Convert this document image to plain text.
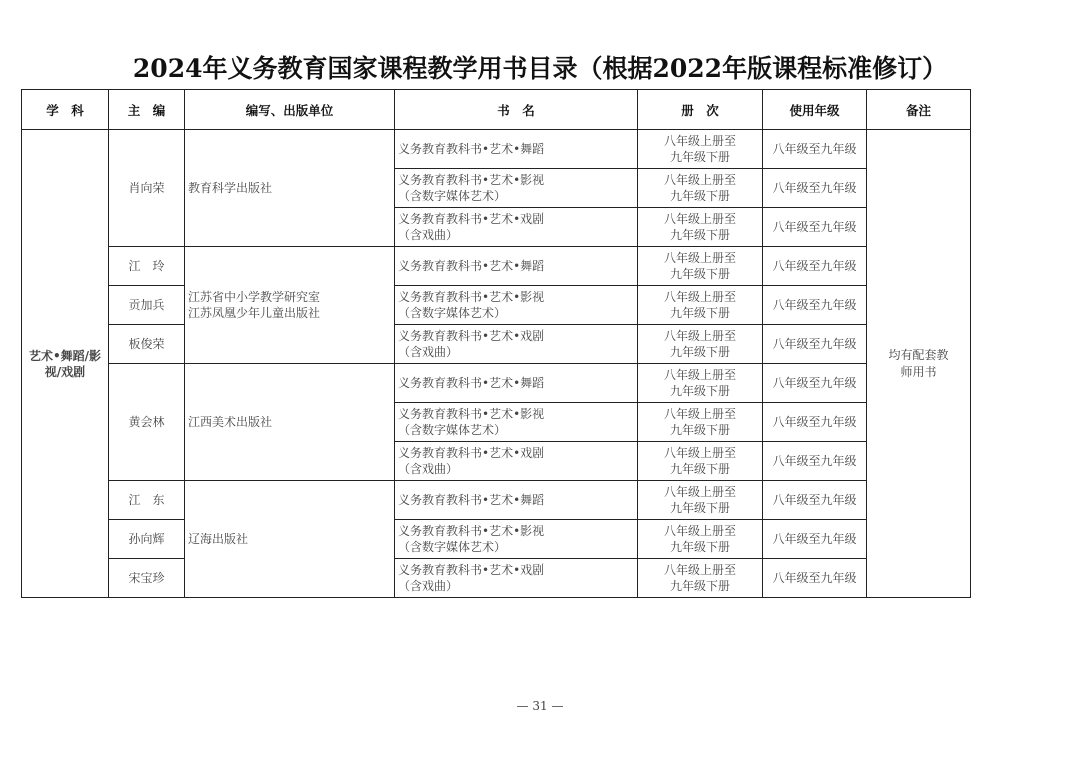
2024年义务教育国家课程教学用书目录（根据2022年版课程标准修订）
学　科	主　编	编写、出版单位	书　名	册　次	使用年级	备注
艺术•舞蹈/影视/戏剧	肖向荣	教育科学出版社	义务教育教科书•艺术•舞蹈	八年级上册至
九年级下册	八年级至九年级	均有配套教师用书

			义务教育教科书•艺术•影视
（含数字媒体艺术）	八年级上册至
九年级下册	八年级至九年级	

			义务教育教科书•艺术•戏剧
（含戏曲）	八年级上册至
九年级下册	八年级至九年级	
	江　玲	江苏省中小学教学研究室
江苏凤凰少年儿童出版社	义务教育教科书•艺术•舞蹈	八年级上册至
九年级下册	八年级至九年级	
	贡加兵		义务教育教科书•艺术•影视
（含数字媒体艺术）	八年级上册至
九年级下册	八年级至九年级	
	板俊荣		义务教育教科书•艺术•戏剧
（含戏曲）	八年级上册至
九年级下册	八年级至九年级	
	黄会林	江西美术出版社	义务教育教科书•艺术•舞蹈	八年级上册至
九年级下册	八年级至九年级	

			义务教育教科书•艺术•影视
（含数字媒体艺术）	八年级上册至
九年级下册	八年级至九年级	

			义务教育教科书•艺术•戏剧
（含戏曲）	八年级上册至
九年级下册	八年级至九年级	
	江　东	辽海出版社	义务教育教科书•艺术•舞蹈	八年级上册至
九年级下册	八年级至九年级	
	孙向辉		义务教育教科书•艺术•影视
（含数字媒体艺术）	八年级上册至
九年级下册	八年级至九年级	
	宋宝珍		义务教育教科书•艺术•戏剧
（含戏曲）	八年级上册至
九年级下册	八年级至九年级	
— 31 —
